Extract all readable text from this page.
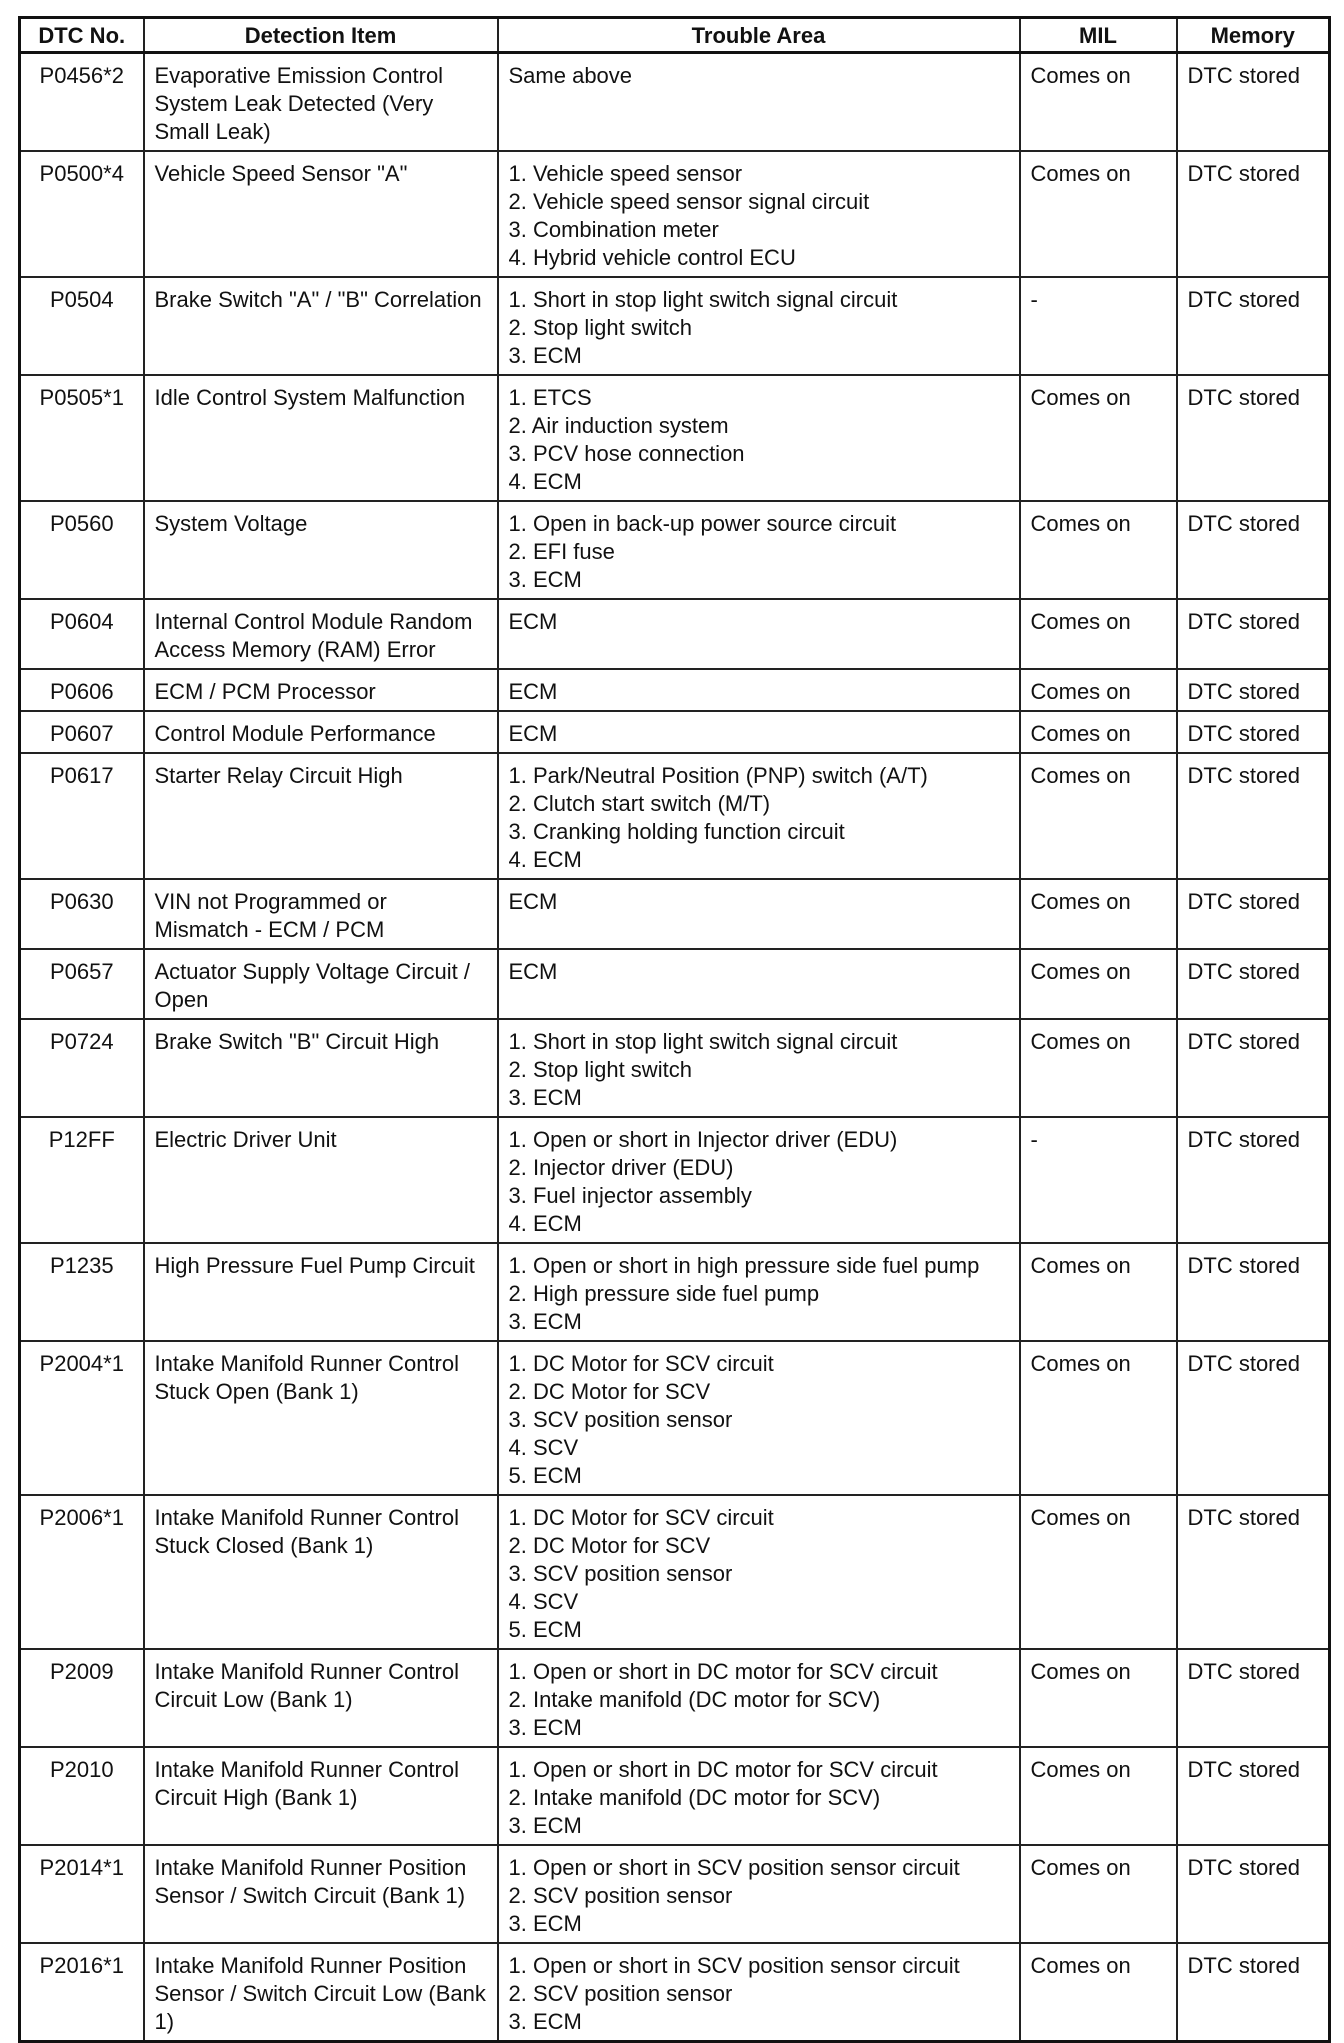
DTC No.	Detection Item	Trouble Area	MIL	Memory
P0456*2	Evaporative Emission Control System Leak Detected (Very Small Leak)	Same above	Comes on	DTC stored
P0500*4	Vehicle Speed Sensor "A"	1. Vehicle speed sensor
2. Vehicle speed sensor signal circuit
3. Combination meter
4. Hybrid vehicle control ECU	Comes on	DTC stored
P0504	Brake Switch "A" / "B" Correlation	1. Short in stop light switch signal circuit
2. Stop light switch
3. ECM	-	DTC stored
P0505*1	Idle Control System Malfunction	1. ETCS
2. Air induction system
3. PCV hose connection
4. ECM	Comes on	DTC stored
P0560	System Voltage	1. Open in back-up power source circuit
2. EFI fuse
3. ECM	Comes on	DTC stored
P0604	Internal Control Module Random Access Memory (RAM) Error	ECM	Comes on	DTC stored
P0606	ECM / PCM Processor	ECM	Comes on	DTC stored
P0607	Control Module Performance	ECM	Comes on	DTC stored
P0617	Starter Relay Circuit High	1. Park/Neutral Position (PNP) switch (A/T)
2. Clutch start switch (M/T)
3. Cranking holding function circuit
4. ECM	Comes on	DTC stored
P0630	VIN not Programmed or Mismatch - ECM / PCM	ECM	Comes on	DTC stored
P0657	Actuator Supply Voltage Circuit / Open	ECM	Comes on	DTC stored
P0724	Brake Switch "B" Circuit High	1. Short in stop light switch signal circuit
2. Stop light switch
3. ECM	Comes on	DTC stored
P12FF	Electric Driver Unit	1. Open or short in Injector driver (EDU)
2. Injector driver (EDU)
3. Fuel injector assembly
4. ECM	-	DTC stored
P1235	High Pressure Fuel Pump Circuit	1. Open or short in high pressure side fuel pump
2. High pressure side fuel pump
3. ECM	Comes on	DTC stored
P2004*1	Intake Manifold Runner Control Stuck Open (Bank 1)	1. DC Motor for SCV circuit
2. DC Motor for SCV
3. SCV position sensor
4. SCV
5. ECM	Comes on	DTC stored
P2006*1	Intake Manifold Runner Control Stuck Closed (Bank 1)	1. DC Motor for SCV circuit
2. DC Motor for SCV
3. SCV position sensor
4. SCV
5. ECM	Comes on	DTC stored
P2009	Intake Manifold Runner Control Circuit Low (Bank 1)	1. Open or short in DC motor for SCV circuit
2. Intake manifold (DC motor for SCV)
3. ECM	Comes on	DTC stored
P2010	Intake Manifold Runner Control Circuit High (Bank 1)	1. Open or short in DC motor for SCV circuit
2. Intake manifold (DC motor for SCV)
3. ECM	Comes on	DTC stored
P2014*1	Intake Manifold Runner Position Sensor / Switch Circuit (Bank 1)	1. Open or short in SCV position sensor circuit
2. SCV position sensor
3. ECM	Comes on	DTC stored
P2016*1	Intake Manifold Runner Position Sensor / Switch Circuit Low (Bank 1)	1. Open or short in SCV position sensor circuit
2. SCV position sensor
3. ECM	Comes on	DTC stored
